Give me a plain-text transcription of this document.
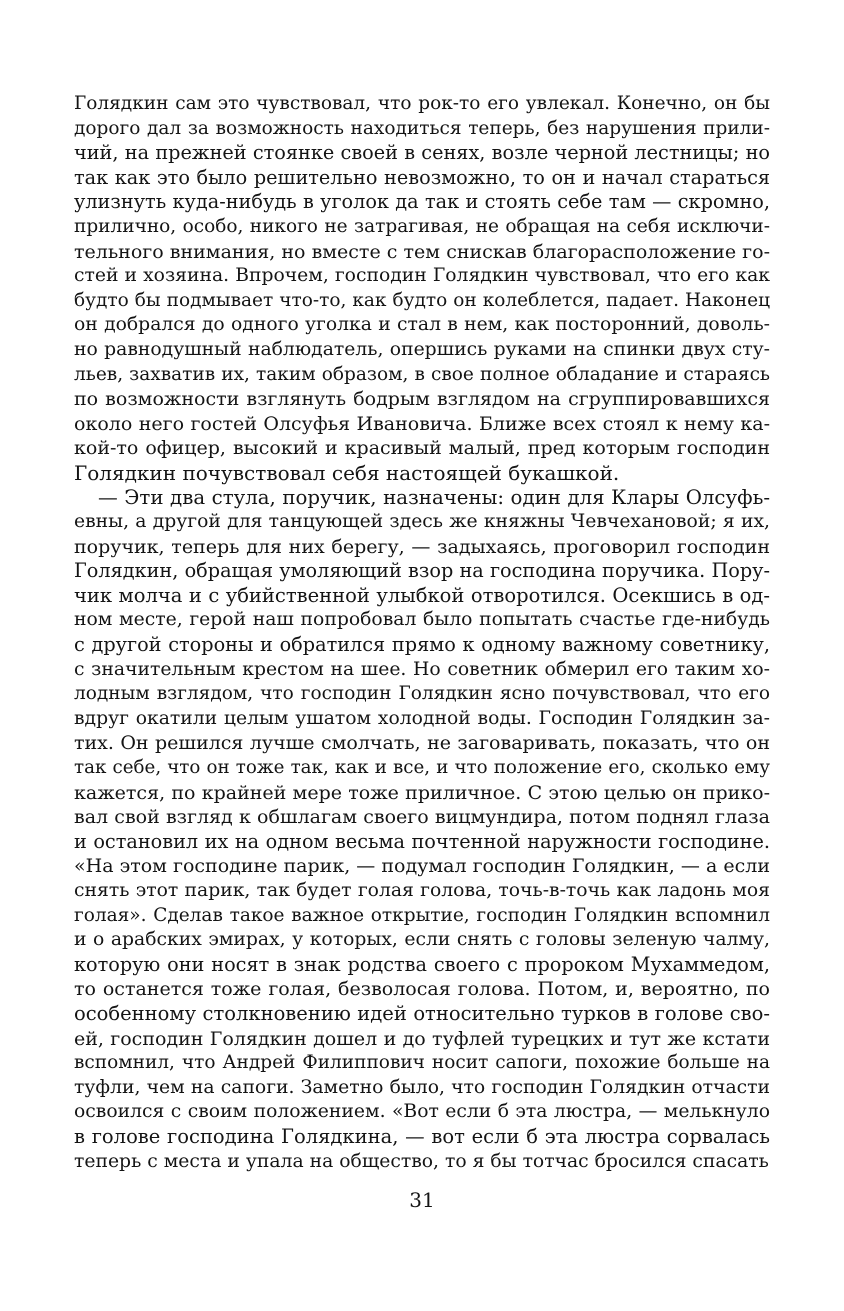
Голядкин сам это чувствовал, что рок-то его увлекал. Конечно, он бы
дорого дал за возможность находиться теперь, без нарушения прили-
чий, на прежней стоянке своей в сенях, возле черной лестницы; но
так как это было решительно невозможно, то он и начал стараться
улизнуть куда-нибудь в уголок да так и стоять себе там — скромно,
прилично, особо, никого не затрагивая, не обращая на себя исключи-
тельного внимания, но вместе с тем снискав благорасположение го-
стей и хозяина. Впрочем, господин Голядкин чувствовал, что его как
будто бы подмывает что-то, как будто он колеблется, падает. Наконец
он добрался до одного уголка и стал в нем, как посторонний, доволь-
но равнодушный наблюдатель, опершись руками на спинки двух сту-
льев, захватив их, таким образом, в свое полное обладание и стараясь
по возможности взглянуть бодрым взглядом на сгруппировавшихся
около него гостей Олсуфья Ивановича. Ближе всех стоял к нему ка-
кой-то офицер, высокий и красивый малый, пред которым господин
Голядкин почувствовал себя настоящей букашкой.
— Эти два стула, поручик, назначены: один для Клары Олсуфь-
евны, а другой для танцующей здесь же княжны Чевчехановой; я их,
поручик, теперь для них берегу, — задыхаясь, проговорил господин
Голядкин, обращая умоляющий взор на господина поручика. Пору-
чик молча и с убийственной улыбкой отворотился. Осекшись в од-
ном месте, герой наш попробовал было попытать счастье где-нибудь
с другой стороны и обратился прямо к одному важному советнику,
с значительным крестом на шее. Но советник обмерил его таким хо-
лодным взглядом, что господин Голядкин ясно почувствовал, что его
вдруг окатили целым ушатом холодной воды. Господин Голядкин за-
тих. Он решился лучше смолчать, не заговаривать, показать, что он
так себе, что он тоже так, как и все, и что положение его, сколько ему
кажется, по крайней мере тоже приличное. С этою целью он прико-
вал свой взгляд к обшлагам своего вицмундира, потом поднял глаза
и остановил их на одном весьма почтенной наружности господине.
«На этом господине парик, — подумал господин Голядкин, — а если
снять этот парик, так будет голая голова, точь-в-точь как ладонь моя
голая». Сделав такое важное открытие, господин Голядкин вспомнил
и о арабских эмирах, у которых, если снять с головы зеленую чалму,
которую они носят в знак родства своего с пророком Мухаммедом,
то останется тоже голая, безволосая голова. Потом, и, вероятно, по
особенному столкновению идей относительно турков в голове сво-
ей, господин Голядкин дошел и до туфлей турецких и тут же кстати
вспомнил, что Андрей Филиппович носит сапоги, похожие больше на
туфли, чем на сапоги. Заметно было, что господин Голядкин отчасти
освоился с своим положением. «Вот если б эта люстра, — мелькнуло
в голове господина Голядкина, — вот если б эта люстра сорвалась
теперь с места и упала на общество, то я бы тотчас бросился спасать
31
